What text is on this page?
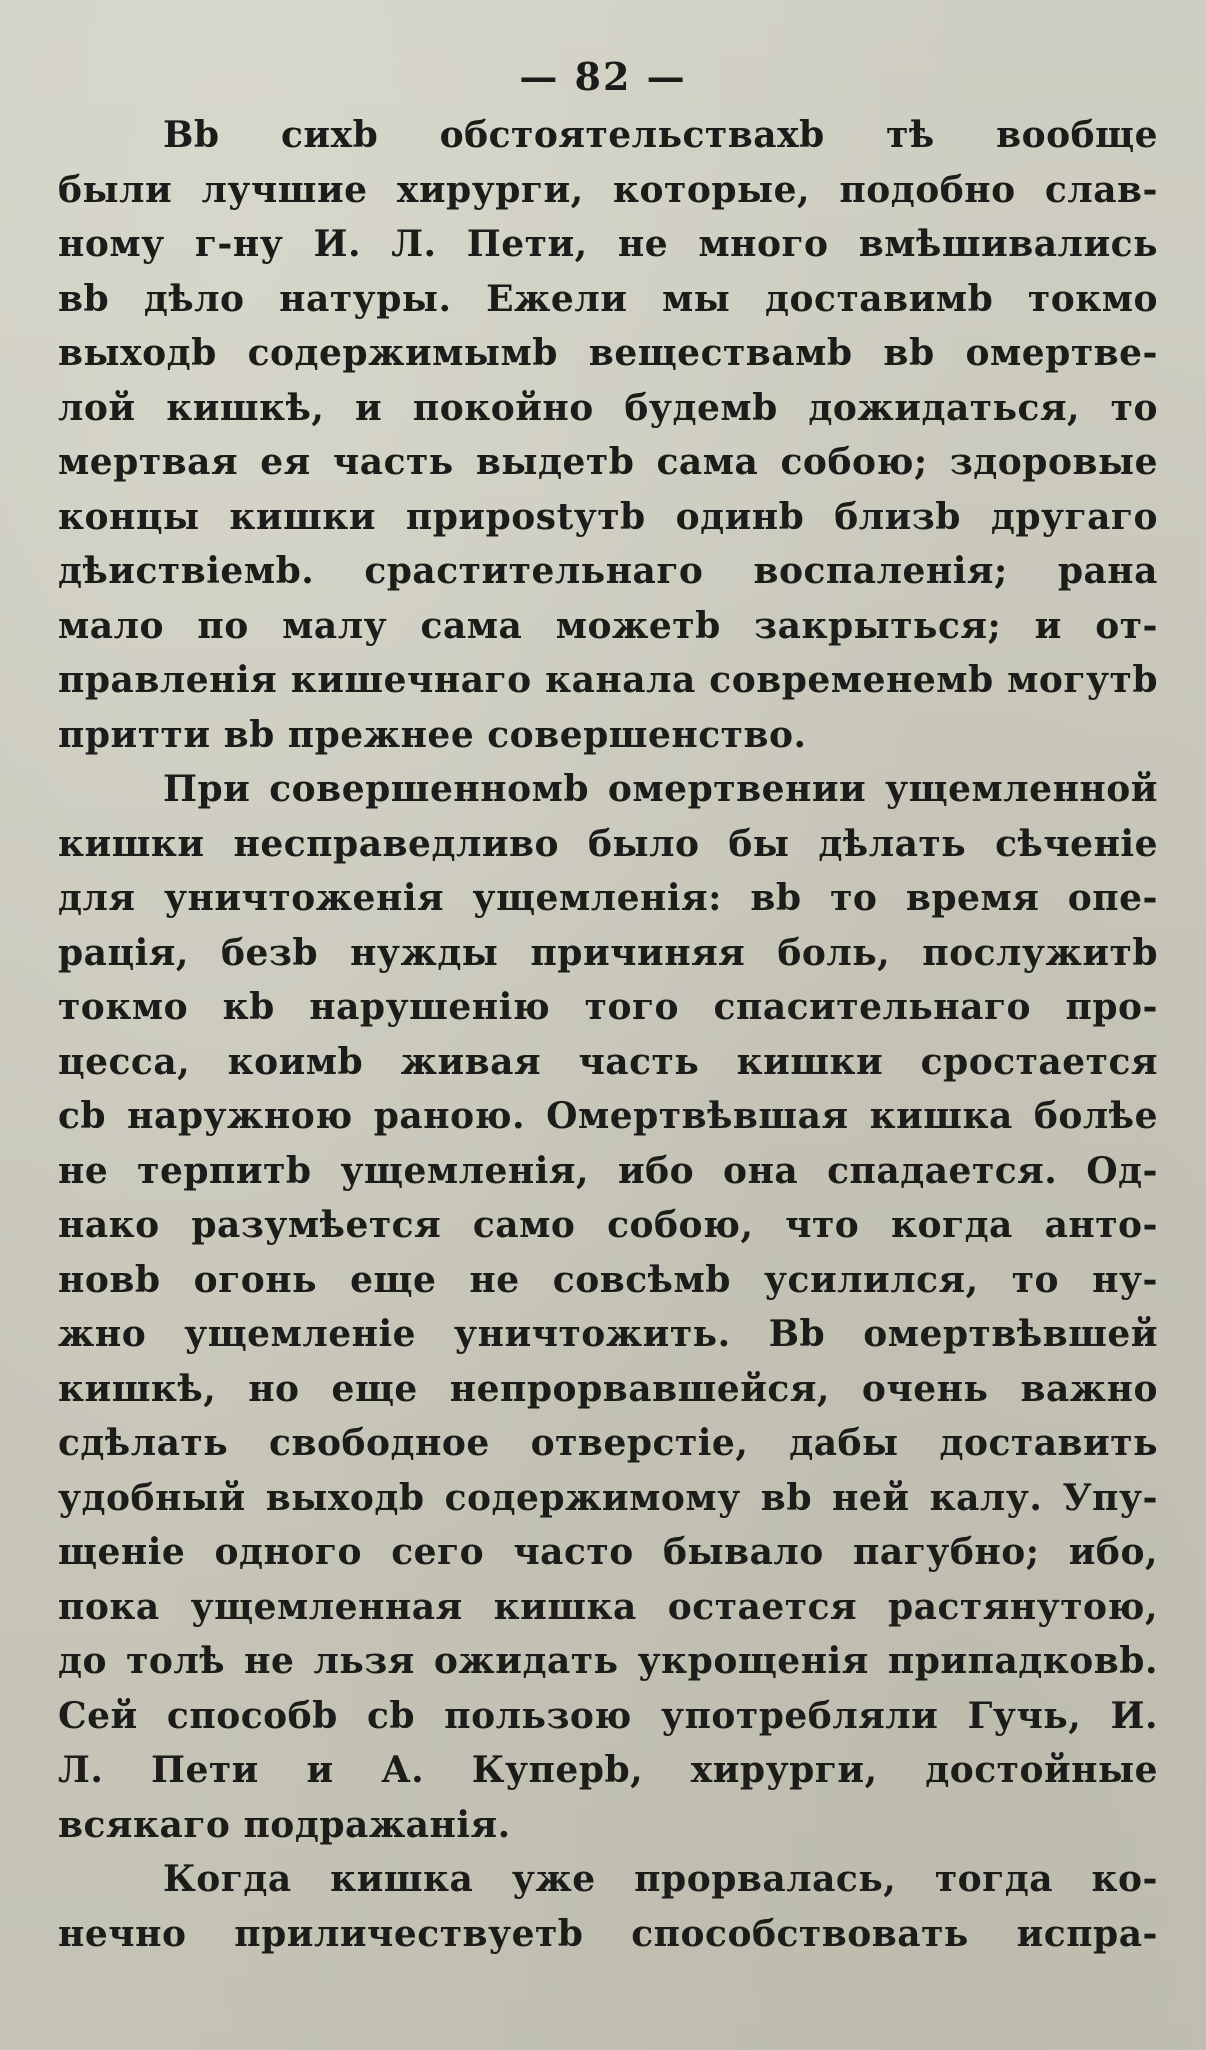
— 82 —
Вb сихb обстоятельствахb тѣ вообще
были лучшие хирурги, которые, подобно слав-
ному г-ну И. Л. Пети, не много вмѣшивались
вb дѣло натуры. Ежели мы доставимb токмо
выходb содержимымb веществамb вb омертве-
лой кишкѣ, и покойно будемb дожидаться, то
мертвая ея часть выдетb сама собою; здоровые
концы кишки прирostутb одинb близb другаго
дѣиствiемb. срастительнаго воспаленія; рана
мало по малу сама можетb закрыться; и от-
правленія кишечнаго канала современемb могутb
притти вb прежнее совершенство.
При совершенномb омертвении ущемленной
кишки несправедливо было бы дѣлать сѣченіе
для уничтоженія ущемленія: вb то время опе-
рація, безb нужды причиняя боль, послужитb
токмо кb нарушенію того спасительнаго про-
цесса, коимb живая часть кишки сростается
сb наружною раною. Омертвѣвшая кишка болѣе
не терпитb ущемленія, ибо она спадается. Од-
нако разумѣется само собою, что когда анто-
новb огонь еще не совсѣмb усилился, то ну-
жно ущемленіе уничтожить. Вb омертвѣвшей
кишкѣ, но еще непрорвавшейся, очень важно
сдѣлать свободное отверстіе, дабы доставить
удобный выходb содержимому вb ней калу. Упу-
щеніе одного сего часто бывало пагубно; ибо,
пока ущемленная кишка остается растянутою,
до толѣ не льзя ожидать укрощенія припадковb.
Сей способb сb пользою употребляли Гучь, И.
Л. Пети и А. Куперb, хирурги, достойные
всякаго подражанія.
Когда кишка уже прорвалась, тогда ко-
нечно приличествуетb способствовать испра-
